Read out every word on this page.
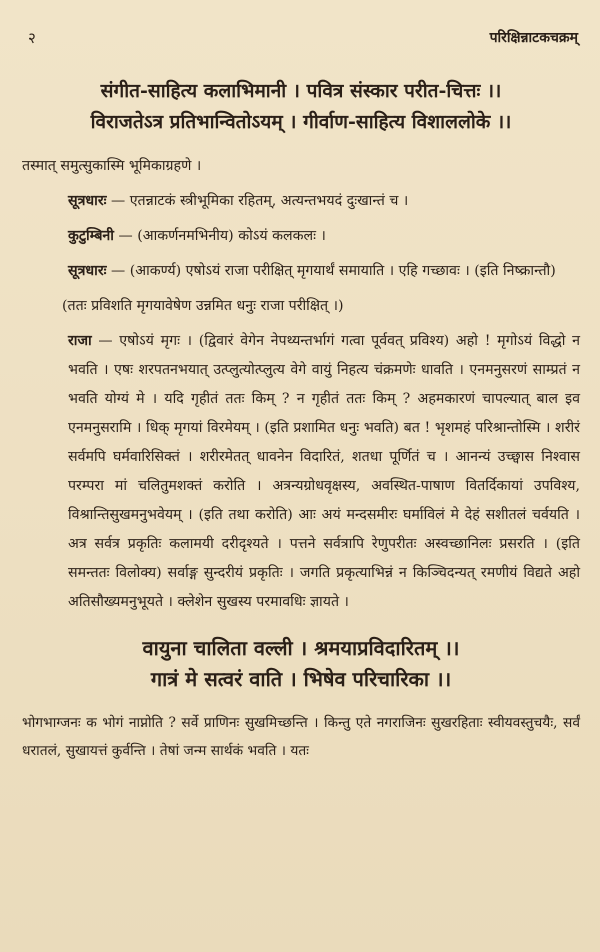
२	परिक्षिन्नाटकचक्रम्
संगीत-साहित्य कलाभिमानी । पवित्र संस्कार परीत-चित्तः ।।
विराजतेऽत्र प्रतिभान्वितोऽयम् । गीर्वाण-साहित्य विशाललोके ।।

तस्मात् समुत्सुकास्मि भूमिकाग्रहणे ।

सूत्रधारः — एतन्नाटकं स्त्रीभूमिका रहितम्, अत्यन्तभयदं दुःखान्तं च ।

कुटुम्बिनी — (आकर्णनमभिनीय) कोऽयं कलकलः ।

सूत्रधारः — (आकर्ण्य) एषोऽयं राजा परीक्षित् मृगयार्थं समायाति । एहि गच्छावः । (इति निष्क्रान्तौ)

(ततः प्रविशति मृगयावेषेण उन्नमित धनुः राजा परीक्षित् ।)

राजा — एषोऽयं मृगः । (द्विवारं वेगेन नेपथ्यन्तर्भागं गत्वा पूर्ववत् प्रविश्य) अहो ! मृगोऽयं विद्धो न भवति । एषः शरपतनभयात् उत्प्लुत्योत्प्लुत्य वेगे वायुं निहत्य चंक्रमणेः धावति । एनमनुसरणं साम्प्रतं न भवति योग्यं मे । यदि गृहीतं ततः किम् ? न गृहीतं ततः किम् ? अहमकारणं चापल्यात् बाल इव एनमनुसरामि । धिक् मृगयां विरमेयम् । (इति प्रशामित धनुः भवति) बत ! भृशमहं परिश्रान्तोस्मि । शरीरं सर्वमपि घर्मवारिसिक्तं । शरीरमेतत् धावनेन विदारितं, शतधा पूर्णितं च । आनन्यं उच्छ्वास निश्वास परम्परा मां चलितुमशक्तं करोति । अत्रन्यग्रोधवृक्षस्य, अवस्थित-पाषाण वितर्दिकायां उपविश्य, विश्रान्तिसुखमनुभवेयम् । (इति तथा करोति) आः अयं मन्दसमीरः घर्माविलं मे देहं सशीतलं चर्वयति । अत्र सर्वत्र प्रकृतिः कलामयी दरीदृश्यते । पत्तने सर्वत्रापि रेणुपरीतः अस्वच्छानिलः प्रसरति । (इति समन्ततः विलोक्य) सर्वाङ्ग सुन्दरीयं प्रकृतिः । जगति प्रकृत्याभिन्नं न किञ्चिदन्यत् रमणीयं विद्यते अहो अतिसौख्यमनुभूयते । क्लेशेन सुखस्य परमावधिः ज्ञायते ।

वायुना चालिता वल्ली । श्रमयाप्रविदारितम् ।।
गात्रं मे सत्वरं वाति । भिषेव परिचारिका ।।
भोगभाग्जनः क भोगं नाप्नोति ? सर्वे प्राणिनः सुखमिच्छन्ति । किन्तु एते नगराजिनः सुखरहिताः स्वीयवस्तुचयैः, सर्वं धरातलं, सुखायत्तं कुर्वन्ति । तेषां जन्म सार्थकं भवति । यतः
